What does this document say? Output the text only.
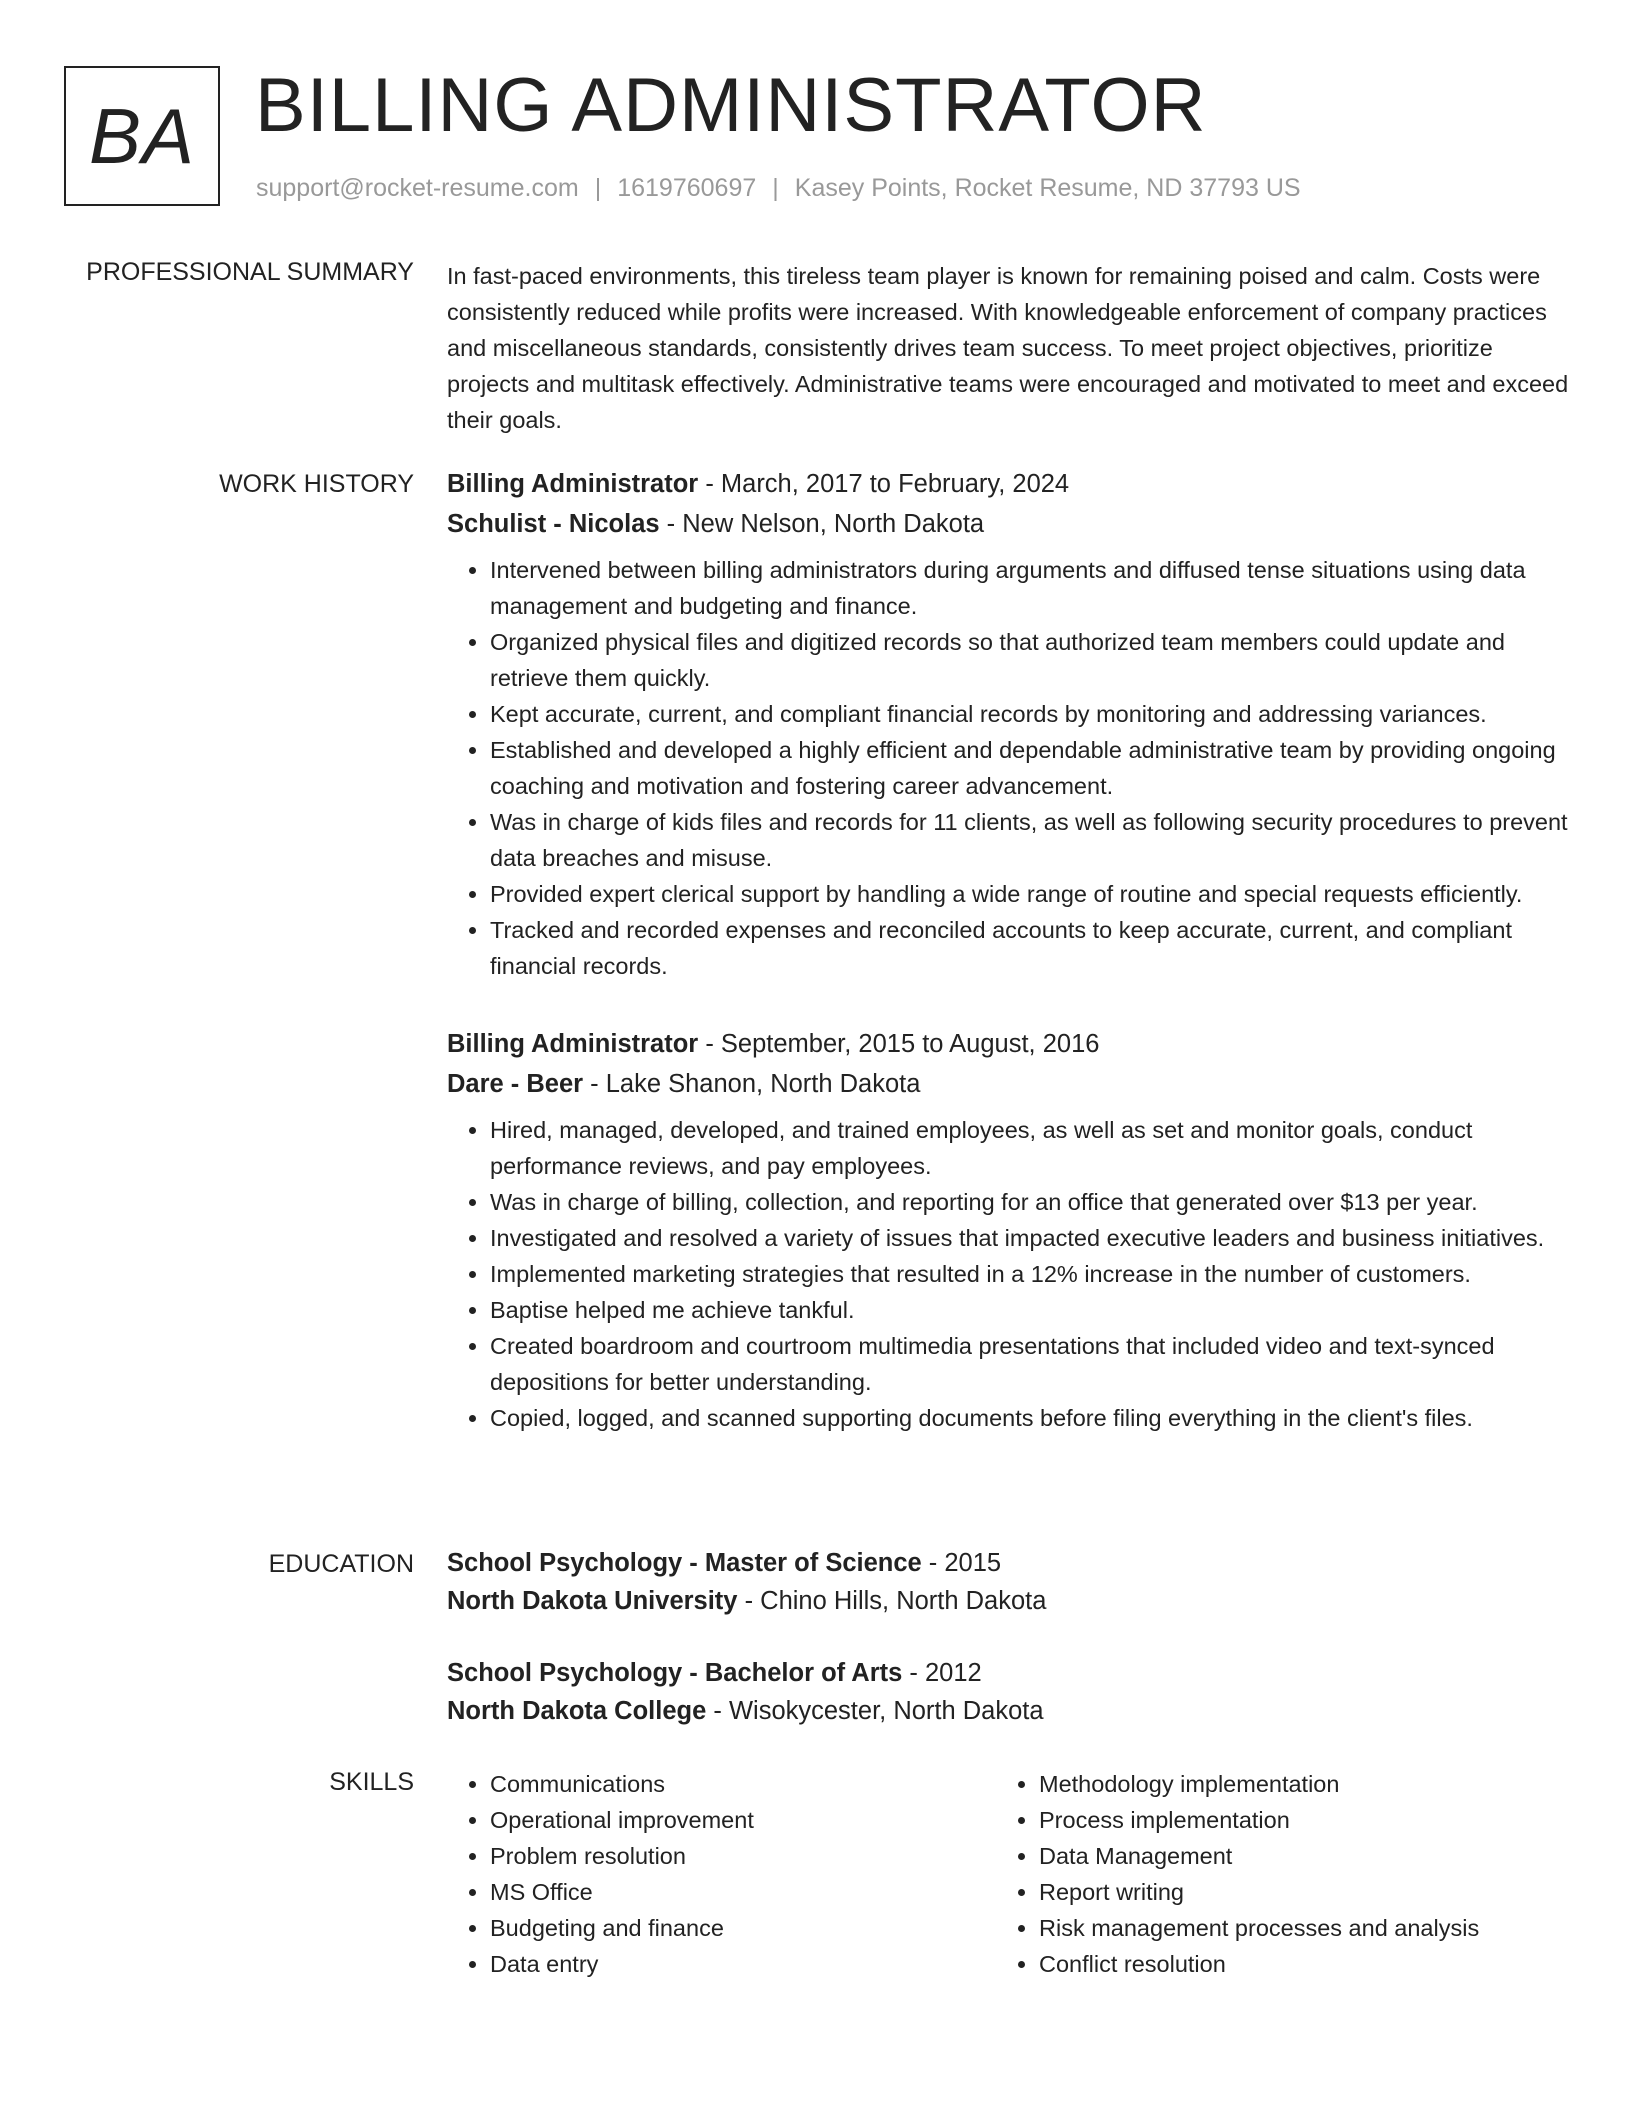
BA BILLING ADMINISTRATOR
support@rocket-resume.com | 1619760697 | Kasey Points, Rocket Resume, ND 37793 US
PROFESSIONAL SUMMARY In fast-paced environments, this tireless team player is known for remaining poised and calm. Costs were consistently reduced while profits were increased. With knowledgeable enforcement of company practices and miscellaneous standards, consistently drives team success. To meet project objectives, prioritize projects and multitask effectively. Administrative teams were encouraged and motivated to meet and exceed their goals.

WORK HISTORY Billing Administrator - March, 2017 to February, 2024
Schulist - Nicolas - New Nelson, North Dakota
• Intervened between billing administrators during arguments and diffused tense situations using data management and budgeting and finance.
• Organized physical files and digitized records so that authorized team members could update and retrieve them quickly.
• Kept accurate, current, and compliant financial records by monitoring and addressing variances.
• Established and developed a highly efficient and dependable administrative team by providing ongoing coaching and motivation and fostering career advancement.
• Was in charge of kids files and records for 11 clients, as well as following security procedures to prevent data breaches and misuse.
• Provided expert clerical support by handling a wide range of routine and special requests efficiently.
• Tracked and recorded expenses and reconciled accounts to keep accurate, current, and compliant financial records.
Billing Administrator - September, 2015 to August, 2016
Dare - Beer - Lake Shanon, North Dakota
• Hired, managed, developed, and trained employees, as well as set and monitor goals, conduct performance reviews, and pay employees.
• Was in charge of billing, collection, and reporting for an office that generated over $13 per year.
• Investigated and resolved a variety of issues that impacted executive leaders and business initiatives.
• Implemented marketing strategies that resulted in a 12% increase in the number of customers.
• Baptise helped me achieve tankful.
• Created boardroom and courtroom multimedia presentations that included video and text-synced depositions for better understanding.
• Copied, logged, and scanned supporting documents before filing everything in the client's files.
EDUCATION School Psychology - Master of Science - 2015
North Dakota University - Chino Hills, North Dakota
School Psychology - Bachelor of Arts - 2012
North Dakota College - Wisokycester, North Dakota
SKILLS
•	Communications
• Operational improvement
• Problem resolution
• MS Office
• Budgeting and finance
• Data entry
• Methodology implementation
• Process implementation
• Data Management
• Report writing
• Risk management processes and analysis
• Conflict resolution
